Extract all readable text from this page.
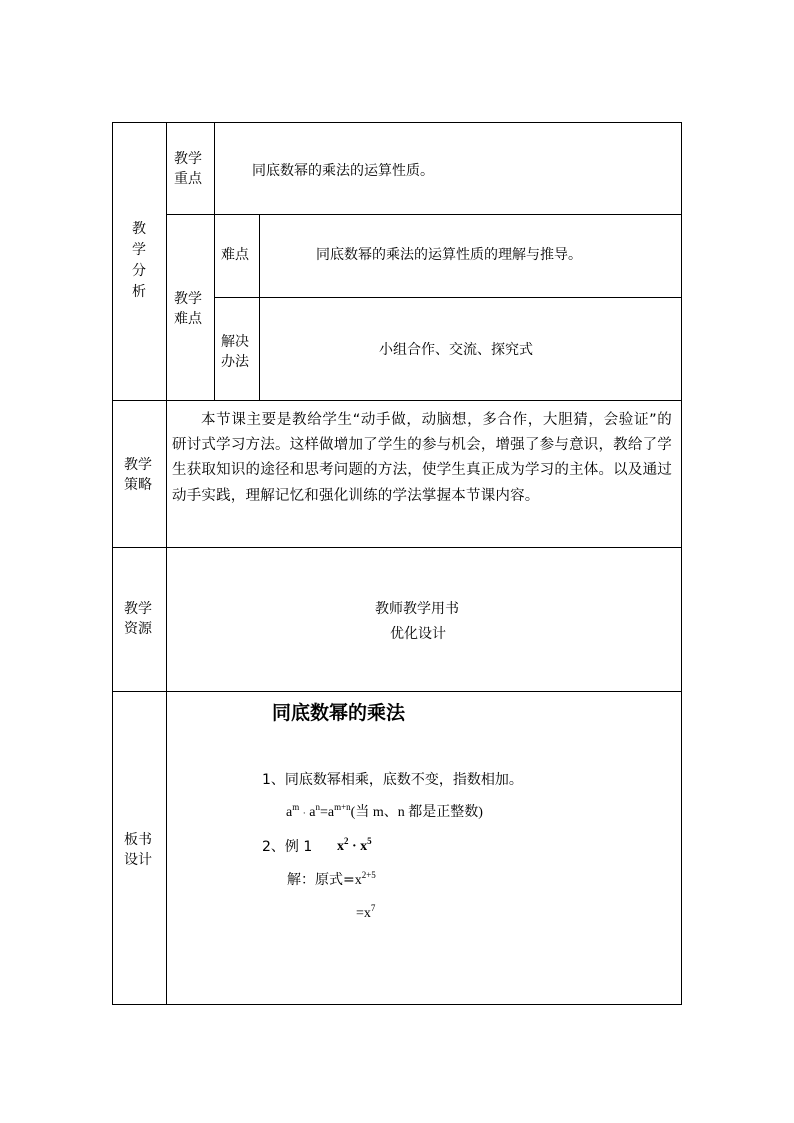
教
学
分
析
教学
重点	同底数幂的乘法的运算性质。
教学
难点
难点	同底数幂的乘法的运算性质的理解与推导。
解决
办法
小组合作、交流、探究式
教学
策略
本节课主要是教给学生“动手做，动脑想，多合作，大胆猜，会验证”的研讨式学习方法。这样做增加了学生的参与机会，增强了参与意识，教给了学生获取知识的途径和思考问题的方法，使学生真正成为学习的主体。以及通过动手实践，理解记忆和强化训练的学法掌握本节课内容。
教学
资源
教师教学用书
优化设计
板书
设计
同底数幂的乘法
1、同底数幂相乘，底数不变，指数相加。
$a^m \cdot a^n=a^{m+n}$(当 m、n 都是正整数)
2、例 1 $x^2 \cdot x^5$
解：原式$=x^{2+5}$
$=x^7$
